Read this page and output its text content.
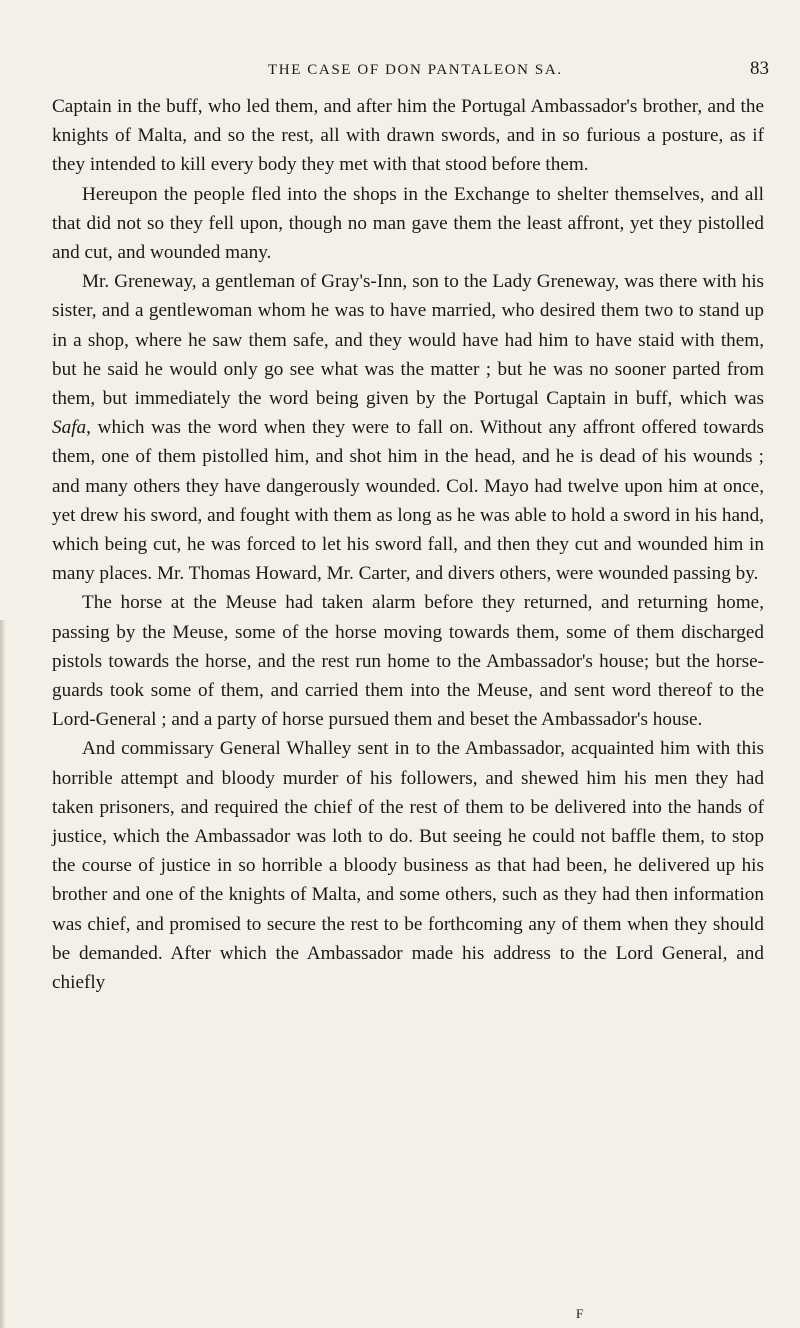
THE CASE OF DON PANTALEON SA.	83

Captain in the buff, who led them, and after him the Portugal Ambassador's brother, and the knights of Malta, and so the rest, all with drawn swords, and in so furious a posture, as if they intended to kill every body they met with that stood before them.

Hereupon the people fled into the shops in the Exchange to shelter themselves, and all that did not so they fell upon, though no man gave them the least affront, yet they pistolled and cut, and wounded many.

Mr. Greneway, a gentleman of Gray's-Inn, son to the Lady Greneway, was there with his sister, and a gentlewoman whom he was to have married, who desired them two to stand up in a shop, where he saw them safe, and they would have had him to have staid with them, but he said he would only go see what was the matter ; but he was no sooner parted from them, but immediately the word being given by the Portugal Captain in buff, which was Safa, which was the word when they were to fall on. Without any affront offered towards them, one of them pistolled him, and shot him in the head, and he is dead of his wounds ; and many others they have dangerously wounded. Col. Mayo had twelve upon him at once, yet drew his sword, and fought with them as long as he was able to hold a sword in his hand, which being cut, he was forced to let his sword fall, and then they cut and wounded him in many places. Mr. Thomas Howard, Mr. Carter, and divers others, were wounded passing by.

The horse at the Meuse had taken alarm before they returned, and returning home, passing by the Meuse, some of the horse moving towards them, some of them discharged pistols towards the horse, and the rest run home to the Ambassador's house; but the horse-guards took some of them, and carried them into the Meuse, and sent word thereof to the Lord-General ; and a party of horse pursued them and beset the Ambassador's house.

And commissary General Whalley sent in to the Ambassador, acquainted him with this horrible attempt and bloody murder of his followers, and shewed him his men they had taken prisoners, and required the chief of the rest of them to be delivered into the hands of justice, which the Ambassador was loth to do. But seeing he could not baffle them, to stop the course of justice in so horrible a bloody business as that had been, he delivered up his brother and one of the knights of Malta, and some others, such as they had then information was chief, and promised to secure the rest to be forthcoming any of them when they should be demanded. After which the Ambassador made his address to the Lord General, and chiefly

F
